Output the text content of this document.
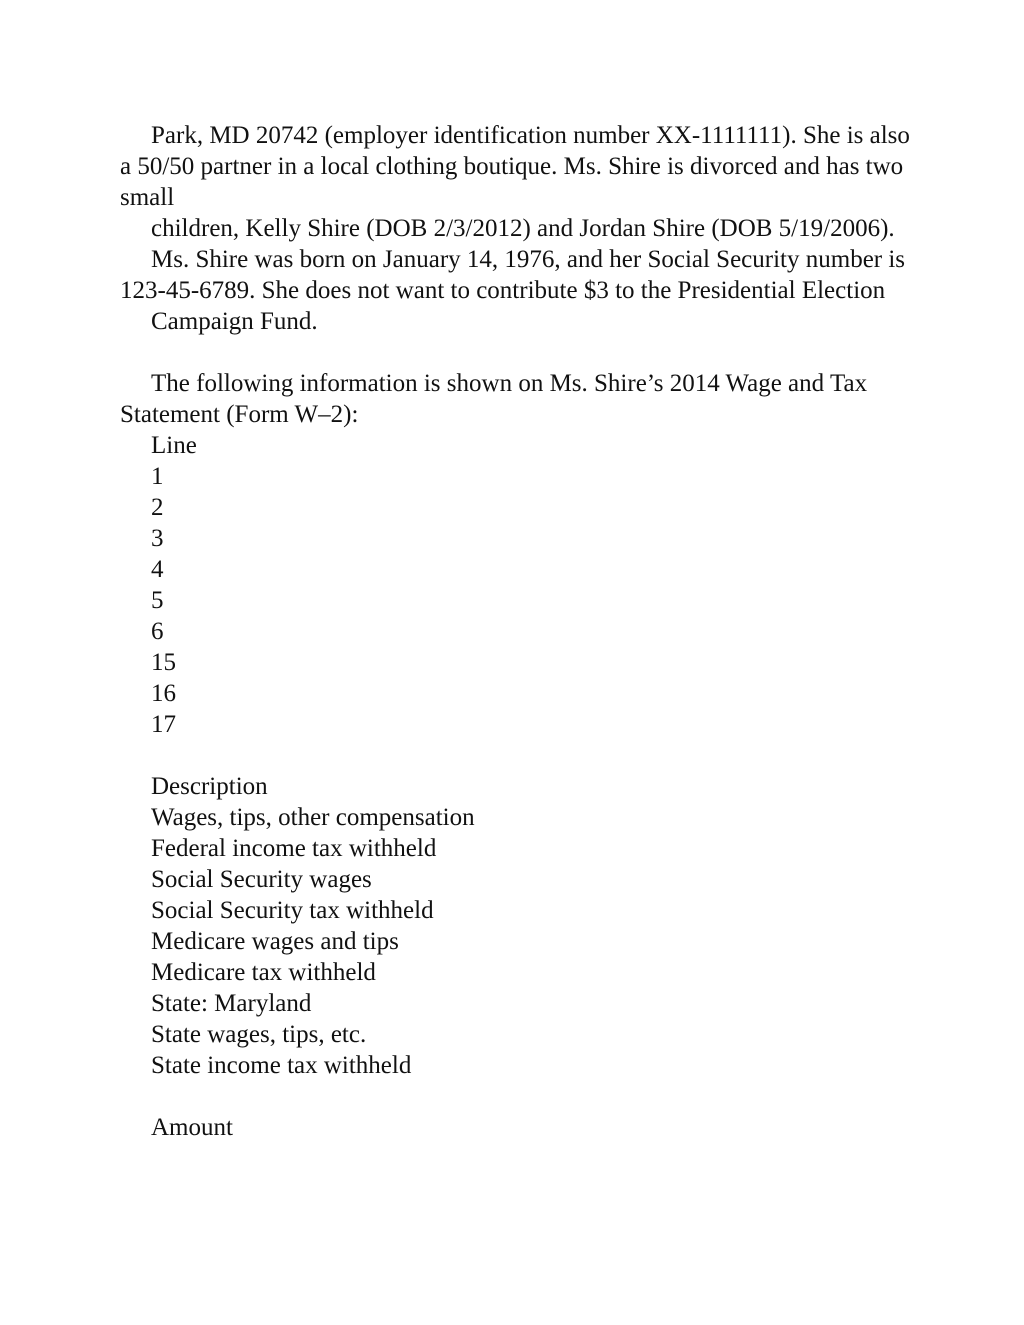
Park, MD 20742 (employer identification number XX-1111111). She is also a 50/50 partner in a local clothing boutique. Ms. Shire is divorced and has two small

children, Kelly Shire (DOB 2/3/2012) and Jordan Shire (DOB 5/19/2006).

Ms. Shire was born on January 14, 1976, and her Social Security number is 123-45-6789. She does not want to contribute $3 to the Presidential Election

Campaign Fund.

The following information is shown on Ms. Shire’s 2014 Wage and Tax Statement (Form W–2):

Line
1
2
3
4
5
6
15
16
17
Description
Wages, tips, other compensation
Federal income tax withheld
Social Security wages
Social Security tax withheld
Medicare wages and tips
Medicare tax withheld
State: Maryland
State wages, tips, etc.
State income tax withheld
Amount
